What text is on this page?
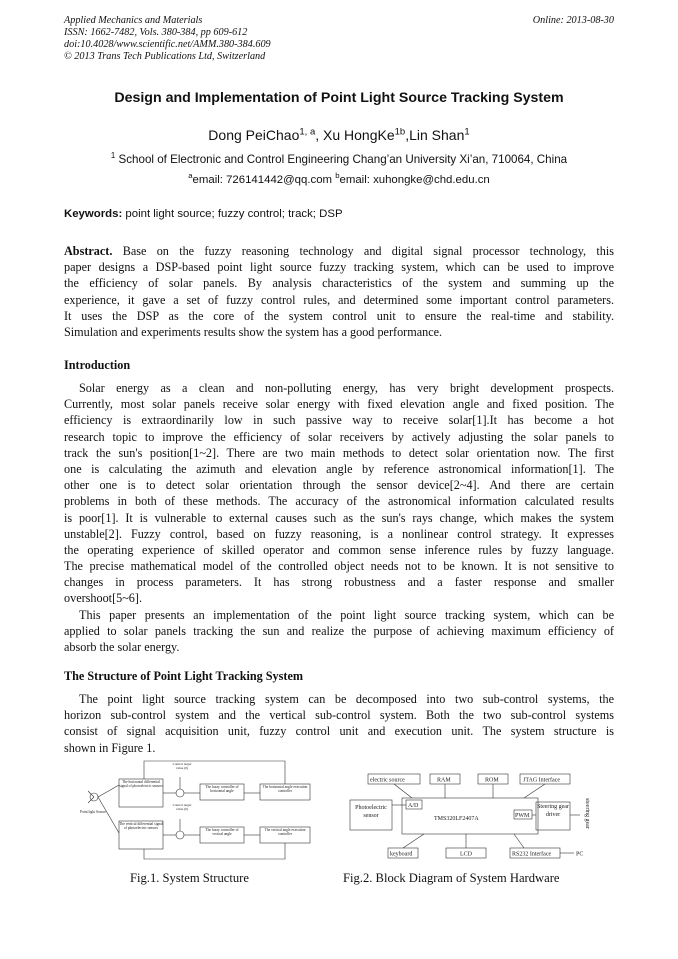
Applied Mechanics and Materials
ISSN: 1662-7482, Vols. 380-384, pp 609-612
doi:10.4028/www.scientific.net/AMM.380-384.609
© 2013 Trans Tech Publications Ltd, Switzerland
Online: 2013-08-30
Design and Implementation of Point Light Source Tracking System
Dong PeiChao$^{1, a}$, Xu HongKe$^{1b}$,Lin Shan$^1$
$^1$ School of Electronic and Control Engineering Chang’an University Xi’an, 710064, China
$^a$email: 726141442@qq.com $^b$email: xuhongke@chd.edu.cn
Keywords: point light source; fuzzy control; track; DSP
Abstract. Base on the fuzzy reasoning technology and digital signal processor technology, this
paper designs a DSP-based point light source fuzzy tracking system, which can be used to improve
the efficiency of solar panels. By analysis characteristics of the system and summing up the
experience, it gave a set of fuzzy control rules, and determined some important control parameters.
It uses the DSP as the core of the system control unit to ensure the real-time and stability.
Simulation and experiments results show the system has a good performance.
Introduction
Solar energy as a clean and non-polluting energy, has very bright development prospects.
Currently, most solar panels receive solar energy with fixed elevation angle and fixed position. The
efficiency is extraordinarily low in such passive way to receive solar[1].It has become a hot
research topic to improve the efficiency of solar receivers by actively adjusting the solar panels to
track the sun's position[1~2]. There are two main methods to detect solar orientation now. The first
one is calculating the azimuth and elevation angle by reference astronomical information[1]. The
other one is to detect solar orientation through the sensor device[2~4]. And there are certain
problems in both of these methods. The accuracy of the astronomical information calculated results
is poor[1]. It is vulnerable to external causes such as the sun's rays change, which makes the system
unstable[2]. Fuzzy control, based on fuzzy reasoning, is a nonlinear control strategy. It expresses
the operating experience of skilled operator and common sense inference rules by fuzzy language.
The precise mathematical model of the controlled object needs not to be known. It is not sensitive to
changes in process parameters. It has strong robustness and a faster response and smaller
overshoot[5~6].
This paper presents an implementation of the point light source tracking system, which can be
applied to solar panels tracking the sun and realize the purpose of achieving maximum efficiency of
absorb the solar energy.
The Structure of Point Light Tracking System
The point light source tracking system can be decomposed into two sub-control systems, the
horizon sub-control system and the vertical sub-control system. Both the two sub-control systems
consist of signal acquisition unit, fuzzy control unit and execution unit. The system structure is
shown in Figure 1.
Point light Source
The horizontal differential signal of photoelectric sensors
The vertical differential signal of photoelectric sensors
Control target value (0)
Control target value (0)
The fuzzy controller of horizontal angle
The fuzzy controller of vertical angle
The horizontal angle execution controller
The vertical angle execution controller
electric source	RAM	ROM	JTAG Interface
Photoelectric sensor
A/D
TMS320LF2407A	PWM
Steering gear driver	steering gear
keyboard	LCD	RS232 Interface	PC
Fig.1. System Structure	Fig.2. Block Diagram of System Hardware
